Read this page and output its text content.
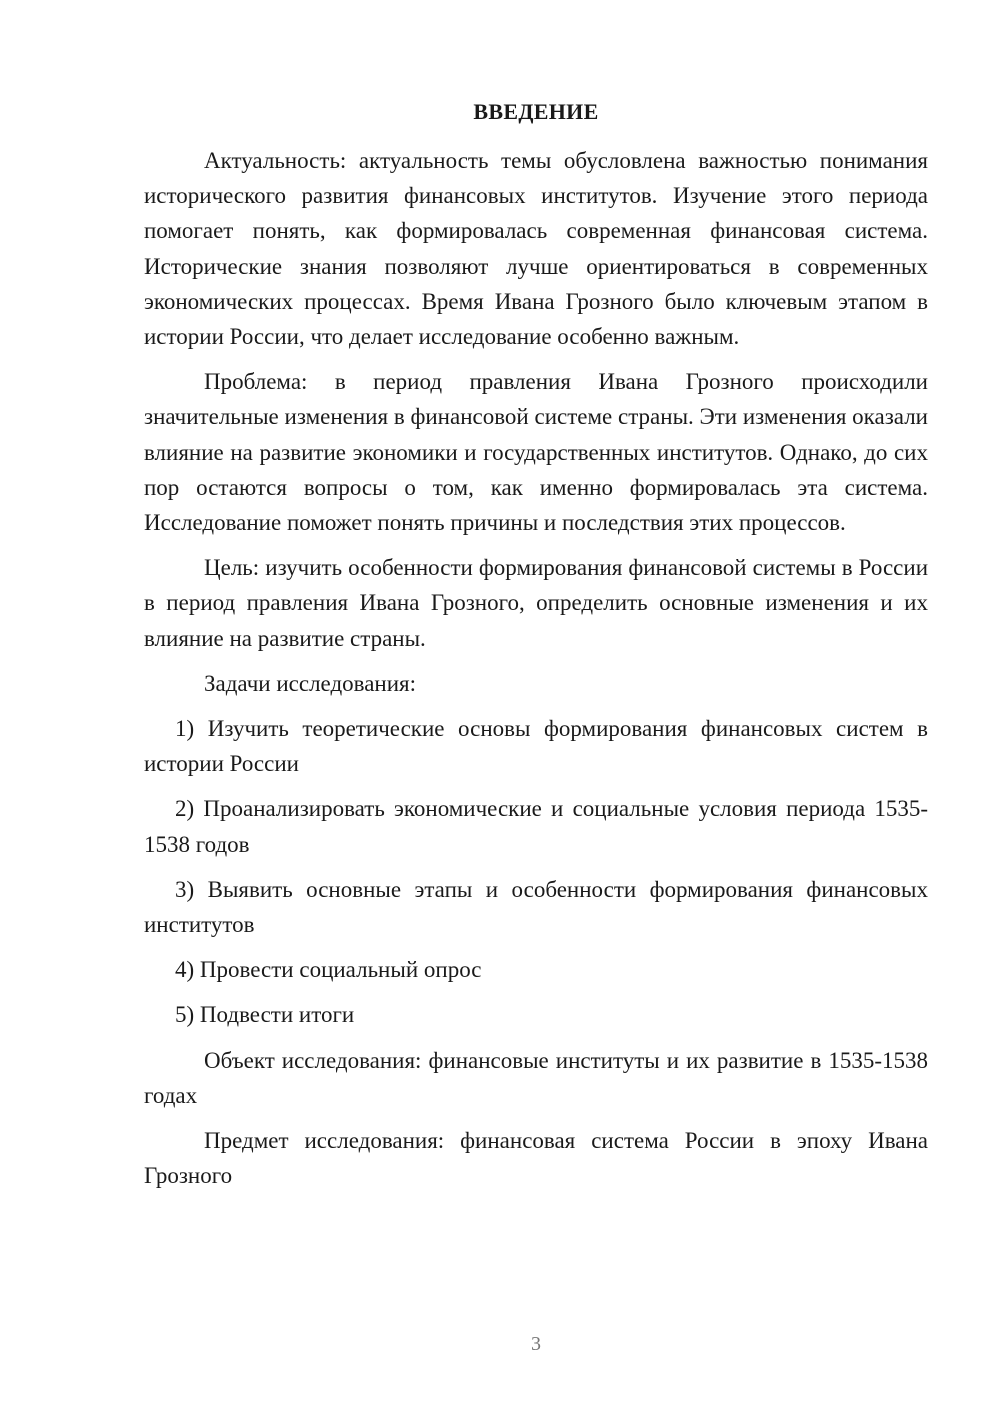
ВВЕДЕНИЕ

Актуальность: актуальность темы обусловлена важностью понимания исторического развития финансовых институтов. Изучение этого периода помогает понять, как формировалась современная финансовая система. Исторические знания позволяют лучше ориентироваться в современных экономических процессах. Время Ивана Грозного было ключевым этапом в истории России, что делает исследование особенно важным.

Проблема: в период правления Ивана Грозного происходили значительные изменения в финансовой системе страны. Эти изменения оказали влияние на развитие экономики и государственных институтов. Однако, до сих пор остаются вопросы о том, как именно формировалась эта система. Исследование поможет понять причины и последствия этих процессов.

Цель: изучить особенности формирования финансовой системы в России в период правления Ивана Грозного, определить основные изменения и их влияние на развитие страны.

Задачи исследования:

1) Изучить теоретические основы формирования финансовых систем в истории России

2) Проанализировать экономические и социальные условия периода 1535-1538 годов

3) Выявить основные этапы и особенности формирования финансовых институтов

4) Провести социальный опрос

5) Подвести итоги

Объект исследования: финансовые институты и их развитие в 1535-1538 годах

Предмет исследования: финансовая система России в эпоху Ивана Грозного

3
